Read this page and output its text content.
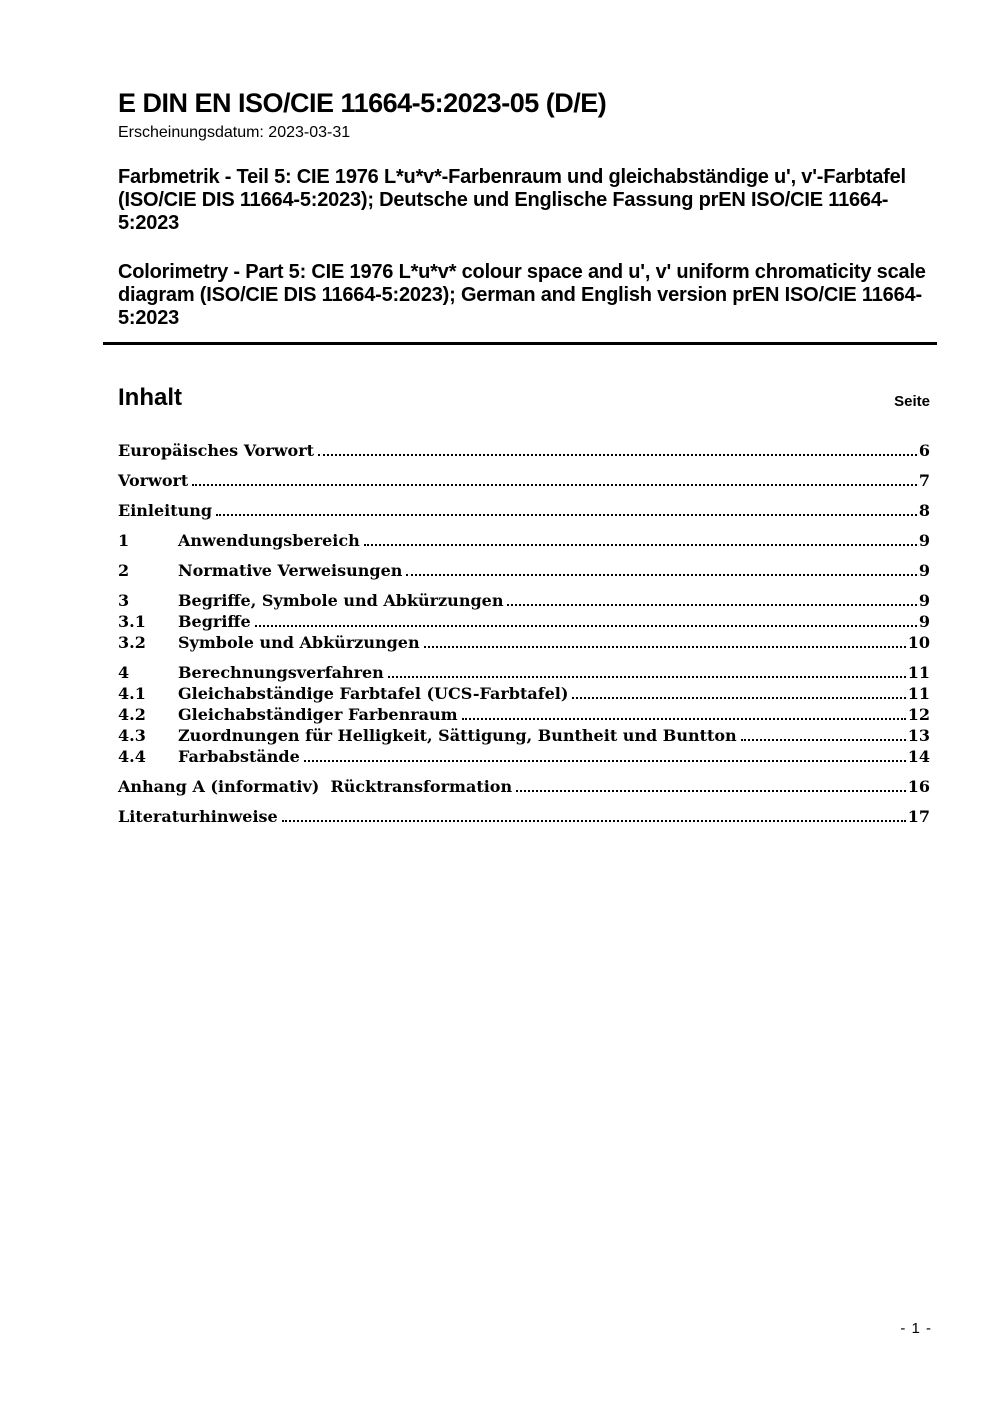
E DIN EN ISO/CIE 11664-5:2023-05 (D/E)
Erscheinungsdatum: 2023-03-31
Farbmetrik - Teil 5: CIE 1976 L*u*v*-Farbenraum und gleichabständige u', v'-Farbtafel (ISO/CIE DIS 11664-5:2023); Deutsche und Englische Fassung prEN ISO/CIE 11664-5:2023
Colorimetry - Part 5: CIE 1976 L*u*v* colour space and u', v' uniform chromaticity scale diagram (ISO/CIE DIS 11664-5:2023); German and English version prEN ISO/CIE 11664-5:2023
Inhalt	Seite
Europäisches Vorwort	6
Vorwort	7
Einleitung	8
1	Anwendungsbereich	9
2	Normative Verweisungen	9
3	Begriffe, Symbole und Abkürzungen	9
3.1	Begriffe	9
3.2	Symbole und Abkürzungen	10
4	Berechnungsverfahren	11
4.1	Gleichabständige Farbtafel (UCS-Farbtafel)	11
4.2	Gleichabständiger Farbenraum	12
4.3	Zuordnungen für Helligkeit, Sättigung, Buntheit und Buntton	13
4.4	Farbabstände	14
Anhang A (informativ)  Rücktransformation	16
Literaturhinweise	17
- 1 -
